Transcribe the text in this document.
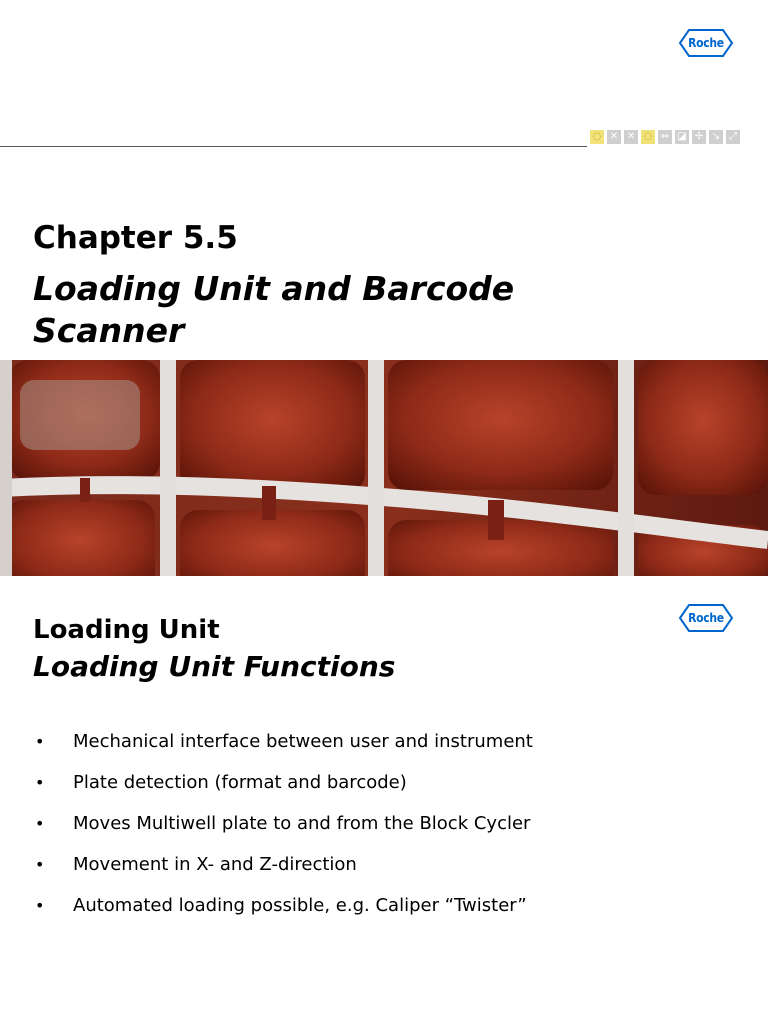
Roche
◌ ✕ ✕ ◌ ⇔ ◪ ✢ ↘ ⤢
Chapter 5.5
Loading Unit and Barcode Scanner
Roche
Loading Unit
Loading Unit Functions
• Mechanical interface between user and instrument
• Plate detection (format and barcode)
• Moves Multiwell plate to and from the Block Cycler
• Movement in X- and Z-direction
• Automated loading possible, e.g. Caliper “Twister”
